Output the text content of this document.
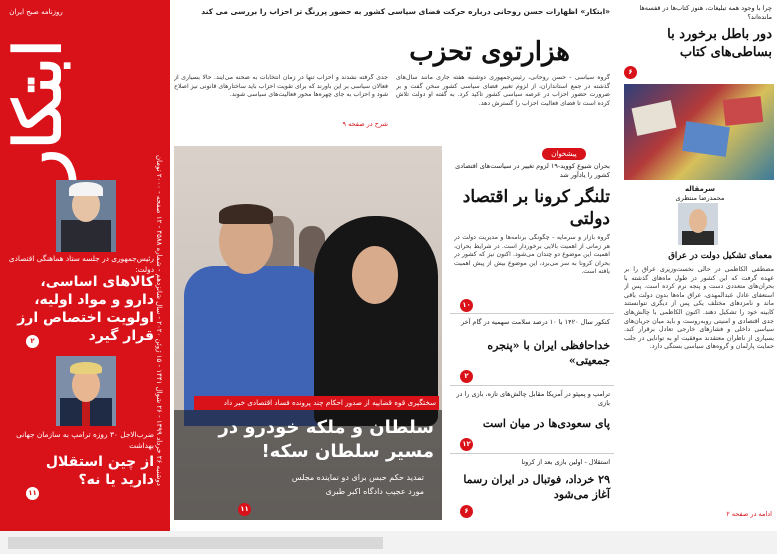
روزنامه صبح ایران
ابتکار	دوشنبه ۲۶ خرداد ۱۳۹۹ - ۲۶ شوال ۱۴۴۱ - ۱۵ ژوئن ۲۰۲۰ - سال شانزدهم - شماره ۴۵۸۸ - ۱۲ صفحه - ۲۰۰۰ تومان
رئیس‌جمهوری در جلسه ستاد هماهنگی اقتصادی دولت:
کالاهای اساسی، دارو و مواد اولیه، اولویت اختصاص ارز قرار گیرد
۲
ضرب‌الاجل ۳۰ روزه ترامپ به سازمان جهانی بهداشت
از چین استقلال دارید یا نه؟
۱۱
«ابتکار» اظهارات حسن روحانی درباره حرکت فضای سیاسی کشور به حضور پررنگ تر احزاب را بررسی می کند
هزارتوی تحزب
گروه سیاسی - حسن روحانی، رئیس‌جمهوری دوشنبه هفته جاری مانند سال‌های گذشته در جمع استانداران، از لزوم تغییر فضای سیاسی کشور سخن گفت و بر ضرورت حضور احزاب در عرصه سیاسی کشور تاکید کرد. به گفته او دولت تلاش کرده است تا فضای فعالیت احزاب را گسترش دهد.
جدی گرفته نشدند و احزاب تنها در زمان انتخابات به صحنه می‌آیند. حالا بسیاری از فعالان سیاسی بر این باورند که برای تقویت احزاب باید ساختارهای قانونی نیز اصلاح شود و احزاب به جای چهره‌ها محور فعالیت‌های سیاسی شوند.
شرح در صفحه ۹
سختگیری قوه قضاییه از صدور احکام چند پرونده فساد اقتصادی خبر داد
سلطان و ملکه خودرو در مسیر سلطان سکه!
تمدید حکم حبس برای دو نماینده مجلس
مورد عجیب دادگاه اکبر طبری
۱۱
پیشخوان
بحران شیوع کووید-۱۹ لزوم تغییر در سیاست‌های اقتصادی کشور را یادآور شد
تلنگر کرونا بر اقتصاد دولتی
گروه بازار و سرمایه - چگونگی برنامه‌ها و مدیریت دولت در هر زمانی از اهمیت بالایی برخوردار است. در شرایط بحران، اهمیت این موضوع دو چندان می‌شود. اکنون نیز که کشور در بحران کرونا به سر می‌برد، این موضوع بیش از پیش اهمیت یافته است.
۱۰
کنکور سال ۱۴۲۰ با ۱۰ درصد سلامت سهمیه در گام آخر
خداحافظی ایران با «پنجره جمعیتی»
۲
ترامپ و پمپئو در آمریکا مقابل چالش‌های تازه، بازی را در بازی
پای سعودی‌ها در میان است
۱۲
استقلال - اولین بازی بعد از کرونا
۲۹ خرداد، فوتبال در ایران رسما آغاز می‌شود
۶
چرا با وجود همه تبلیغات، هنوز کتاب‌ها در قفسه‌ها مانده‌اند؟
دور باطل برخورد با بساطی‌های کتاب
۶
سرمقاله
محمدرضا منتظری
معمای تشکیل دولت در عراق
مصطفی الکاظمی در حالی نخست‌وزیری عراق را بر عهده گرفت که این کشور در طول ماه‌های گذشته با بحران‌های متعددی دست و پنجه نرم کرده است. پس از استعفای عادل عبدالمهدی، عراق ماه‌ها بدون دولت باقی ماند و نامزدهای مختلف یکی پس از دیگری نتوانستند کابینه خود را تشکیل دهند. اکنون الکاظمی با چالش‌های جدی اقتصادی و امنیتی روبه‌روست و باید میان جریان‌های سیاسی داخلی و فشارهای خارجی تعادل برقرار کند. بسیاری از ناظران معتقدند موفقیت او به توانایی در جلب حمایت پارلمان و گروه‌های سیاسی بستگی دارد.
ادامه در صفحه ۲
